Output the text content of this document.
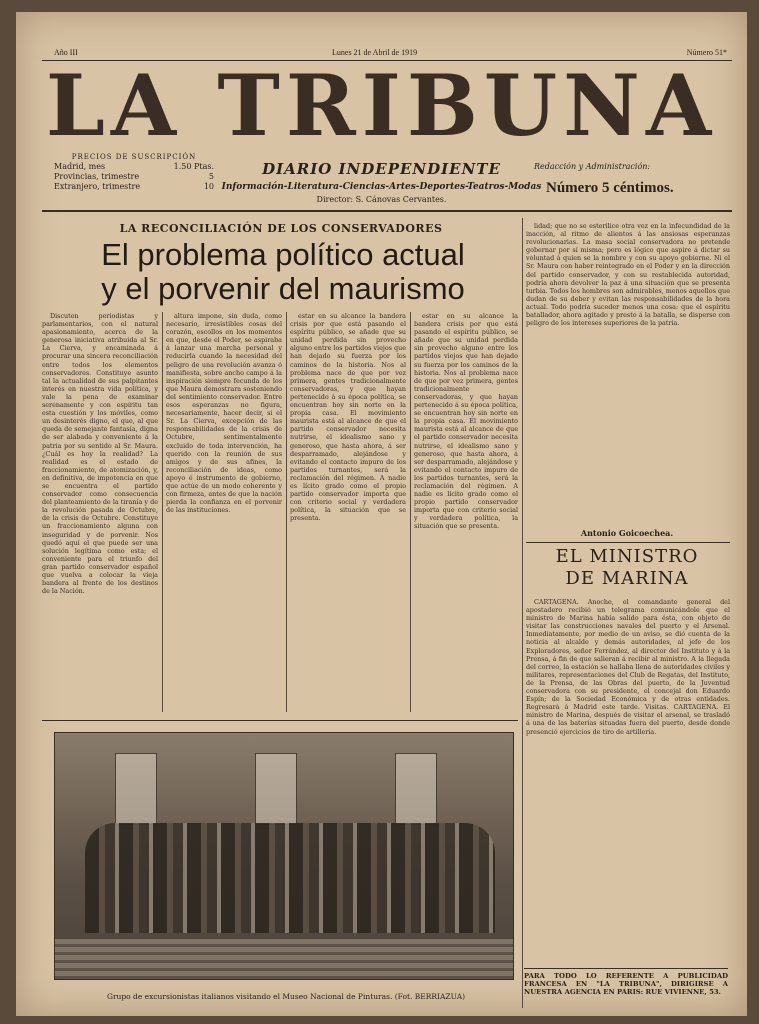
Año III	Lunes 21 de Abril de 1919	Número 51*
LA TRIBUNA
PRECIOS DE SUSCRIPCIÓN
Madrid, mes	1.50 Ptas.
Provincias, trimestre	5
Extranjero, trimestre	10
DIARIO INDEPENDIENTE
Información-Literatura-Ciencias-Artes-Deportes-Teatros-Modas
Redacción y Administración:
Número 5 céntimos.
Director: S. Cánovas Cervantes.
LA RECONCILIACIÓN DE LOS CONSERVADORES
El problema político actual
y el porvenir del maurismo

Discuten periodistas y parlamentarios, con el natural apasionamiento, acerca de la generosa iniciativa atribuida al Sr. La Cierva, y encaminada á procurar una sincera reconciliación entre todos los elementos conservadores. Constituye asunto tal la actualidad de sus palpitantes interés en nuestra vida política, y vale la pena de examinar serenamente y con espíritu tan esta cuestión y los móviles, como un desinterés digno, el que, al que queda de semejante fantasía, digna de ser alabada y conveniente á la patria por su sentido al Sr. Maura. ¿Cuál es hoy la realidad? La realidad es el estado de fraccionamiento, de atomización, y, en definitiva, de impotencia en que se encuentra el partido conservador como consecuencia del planteamiento de la tiranía y de la revolución pasada de Octubre, de la crisis de Octubre. Constituye un fraccionamiento alguna con inseguridad y de porvenir. Nos quedó aquí el que puede ser una solución legítima como esta; el conveniente para el triunfo del gran partido conservador español que vuelva a colocar la vieja bandera al frente de los destinos de la Nación.

altura impone, sin duda, como necesario, irresistibles cosas del corazón, escollos en los momentos en que, desde el Poder, se aspiraba á lanzar una marcha personal y reducirla cuando la necesidad del peligro de una revolución avanza ó manifiesta, sobre ancho campo á la inspiración siempre fecunda de los que Maura demostrara sosteniendo del sentimiento conservador. Entre esos esperanzas no figura, necesariamente, hacer decir, si el Sr. La Cierva, excepción de las responsabilidades de la crisis de Octubre, sentimentalmente excluido de toda intervención, ha querido con la reunión de sus amigos y de sus afines, la reconciliación de ideas, como apoyo é instrumento de gobierno, que actúe de un modo coherente y con firmeza, antes de que la nación pierda la confianza en el porvenir de las instituciones.

estar en su alcance la bandera crisis por que está pasando el espíritu público, se añade que su unidad perdida sin provecho alguno entre los partidos viejos que han dejado su fuerza por los caminos de la historia. Nos al problema nace de que por vez primera, gentes tradicionalmente conservadoras, y que hayan pertenecido á su época política, se encuentran hoy sin norte en la propia casa. El movimiento maurista está al alcance de que el partido conservador necesita nutrirse, el idealismo sano y generoso, que hasta ahora, á ser desparramado, alejándose y evitando el contacto impuro de los partidos turnantes, será la reclamación del régimen. A nadie es lícito grado como el propio partido conservador importa que con criterio social y verdadera política, la situación que se presenta.

estar en su alcance la bandera crisis por que está pasando el espíritu público, se añade que su unidad perdida sin provecho alguno entre los partidos viejos que han dejado su fuerza por los caminos de la historia. Nos al problema nace de que por vez primera, gentes tradicionalmente conservadoras, y que hayan pertenecido á su época política, se encuentran hoy sin norte en la propia casa. El movimiento maurista está al alcance de que el partido conservador necesita nutrirse, el idealismo sano y generoso, que hasta ahora, á ser desparramado, alejándose y evitando el contacto impuro de los partidos turnantes, será la reclamación del régimen. A nadie es lícito grado como el propio partido conservador importa que con criterio social y verdadera política, la situación que se presenta.

lidad; que no se esterilice otra vez en la infecundidad de la inacción, al ritmo de alientos á las ansiosas esperanzas revolucionarias. La masa social conservadora no pretende gobernar por sí misma; pero es lógico que aspire á dictar su voluntad á quien se la nombre y con su apoyo gobierne. Ni el Sr. Maura con haber reintegrado en el Poder y en la dirección del partido conservador, y con su restablecida autoridad, podría ahora devolver la paz á una situación que se presenta turbia. Todos los hombres son admirables, menos aquellos que dudan de su deber y evitan las responsabilidades de la hora actual. Todo podría suceder menos una cosa: que el espíritu batallador, ahora agitado y presto á la batalla, se disperse con peligro de los intereses superiores de la patria.

Antonio Goicoechea.
EL MINISTRO
DE MARINA

CARTAGENA. Anoche, el comandante general del apostadero recibió un telegrama comunicándole que el ministro de Marina había salido para ésta, con objeto de visitar las construcciones navales del puerto y el Arsenal. Inmediatamente, por medio de un aviso, se dió cuenta de la noticia al alcalde y demás autoridades, al jefe de los Exploradores, señor Ferrández, al director del Instituto y á la Prensa, á fin de que salieran á recibir al ministro. A la llegada del correo, la estación se hallaba llena de autoridades civiles y militares, representaciones del Club de Regatas, del Instituto, de la Prensa, de las Obras del puerto, de la Juventud conservadora con su presidente, el concejal don Eduardo Espín; de la Sociedad Económica y de otras entidades. Regresará á Madrid este tarde. Visitas. CARTAGENA. El ministro de Marina, después de visitar el arsenal, se trasladó á una de las baterías situadas fuera del puerto, desde donde presenció ejercicios de tiro de artillería.

PARA TODO LO REFERENTE A PUBLICIDAD FRANCESA EN "LA TRIBUNA", DIRIGIRSE A NUESTRA AGENCIA EN PARIS: RUE VIVIENNE, 53.
Grupo de excursionistas italianos visitando el Museo Nacional de Pinturas. (Fot. BERRIAZUA)
